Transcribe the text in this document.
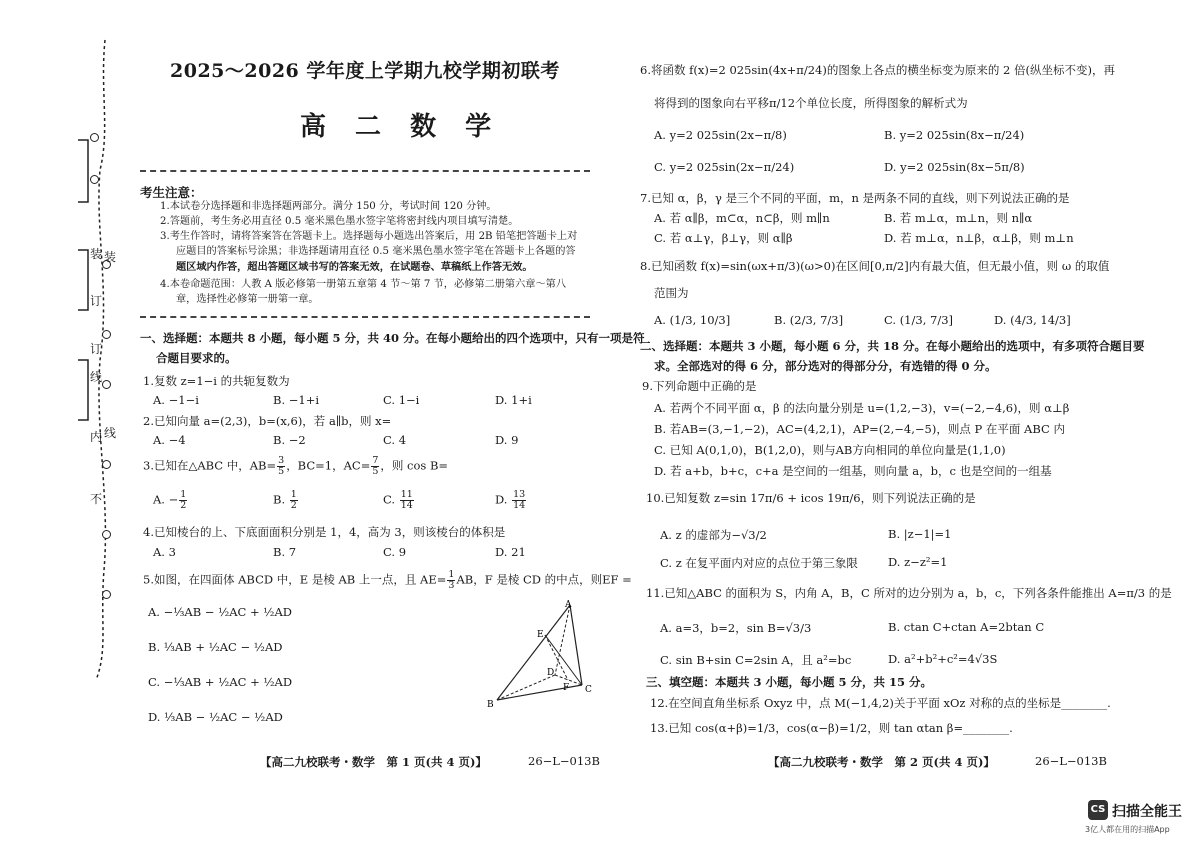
装
订
订
线
内 线
不
装
2025～2026 学年度上学期九校学期初联考
高 二 数 学
考生注意：
1.本试卷分选择题和非选择题两部分。满分 150 分，考试时间 120 分钟。
2.答题前，考生务必用直径 0.5 毫米黑色墨水签字笔将密封线内项目填写清楚。
3.考生作答时，请将答案答在答题卡上。选择题每小题选出答案后，用 2B 铅笔把答题卡上对
应题目的答案标号涂黑；非选择题请用直径 0.5 毫米黑色墨水签字笔在答题卡上各题的答
题区域内作答，超出答题区域书写的答案无效，在试题卷、草稿纸上作答无效。
4.本卷命题范围：人教 A 版必修第一册第五章第 4 节～第 7 节，必修第二册第六章～第八
章，选择性必修第一册第一章。
一、选择题：本题共 8 小题，每小题 5 分，共 40 分。在每小题给出的四个选项中，只有一项是符
合题目要求的。
1.复数 z=1−i 的共轭复数为
A. −1−i	B. −1+i	C. 1−i	D. 1+i
2.已知向量 a=(2,3)，b=(x,6)，若 a∥b，则 x=
A. −4	B. −2	C. 4	D. 9
3.已知在△ABC 中，$AB= \frac{3}{5}$ ，BC=1，$AC= \frac{7}{5}$ ，则 cos B=
A. − $\frac{1}{2}$	B. $\frac{1}{2}$	C. $\frac{11}{14}$	D. $\frac{13}{14}$
4.已知棱台的上、下底面面积分别是 1，4，高为 3，则该棱台的体积是
A. 3	B. 7	C. 9	D. 21
5.如图，在四面体 ABCD 中，E 是棱 AB 上一点，且 $AE= \frac{1}{3}$ AB，F 是棱 CD 的中点，则EF =
A. −⅓AB − ½AC + ½AD
B. ⅓AB + ½AC − ½AD
C. −⅓AB + ½AC + ½AD
D. ⅓AB − ½AC − ½AD
A
E
D
F
B
C
【高二九校联考・数学　第 1 页(共 4 页)】	26−L−013B
6.将函数 f(x)=2 025sin(4x+π/24)的图象上各点的横坐标变为原来的 2 倍(纵坐标不变)，再
将得到的图象向右平移π/12个单位长度，所得图象的解析式为
A. y=2 025sin(2x−π/8)	B. y=2 025sin(8x−π/24)
C. y=2 025sin(2x−π/24)	D. y=2 025sin(8x−5π/8)
7.已知 α，β，γ 是三个不同的平面，m，n 是两条不同的直线，则下列说法正确的是
A. 若 α∥β，m⊂α，n⊂β，则 m∥n	B. 若 m⊥α，m⊥n，则 n∥α
C. 若 α⊥γ，β⊥γ，则 α∥β	D. 若 m⊥α，n⊥β，α⊥β，则 m⊥n
8.已知函数 f(x)=sin(ωx+π/3)(ω>0)在区间[0,π/2]内有最大值，但无最小值，则 ω 的取值
范围为
A. (1/3, 10/3]	B. (2/3, 7/3]	C. (1/3, 7/3]	D. (4/3, 14/3]
二、选择题：本题共 3 小题，每小题 6 分，共 18 分。在每小题给出的选项中，有多项符合题目要
求。全部选对的得 6 分，部分选对的得部分分，有选错的得 0 分。
9.下列命题中正确的是
A. 若两个不同平面 α，β 的法向量分别是 u=(1,2,−3)，v=(−2,−4,6)，则 α⊥β
B. 若AB=(3,−1,−2)，AC=(4,2,1)，AP=(2,−4,−5)，则点 P 在平面 ABC 内
C. 已知 A(0,1,0)，B(1,2,0)，则与AB方向相同的单位向量是(1,1,0)
D. 若 a+b，b+c，c+a 是空间的一组基，则向量 a，b，c 也是空间的一组基
10.已知复数 z=sin 17π/6 + icos 19π/6，则下列说法正确的是
A. z 的虚部为−√3/2	B. |z−1|=1
C. z 在复平面内对应的点位于第三象限	D. z−z²=1
11.已知△ABC 的面积为 S，内角 A，B，C 所对的边分别为 a，b，c，下列各条件能推出 A=π/3 的是
A. a=3，b=2，sin B=√3/3	B. ctan C+ctan A=2btan C
C. sin B+sin C=2sin A，且 a²=bc	D. a²+b²+c²=4√3S
三、填空题：本题共 3 小题，每小题 5 分，共 15 分。
12.在空间直角坐标系 Oxyz 中，点 M(−1,4,2)关于平面 xOz 对称的点的坐标是________.
13.已知 cos(α+β)=1/3，cos(α−β)=1/2，则 tan αtan β=________.
【高二九校联考・数学　第 2 页(共 4 页)】	26−L−013B
CS 扫描全能王
3亿人都在用的扫描App
